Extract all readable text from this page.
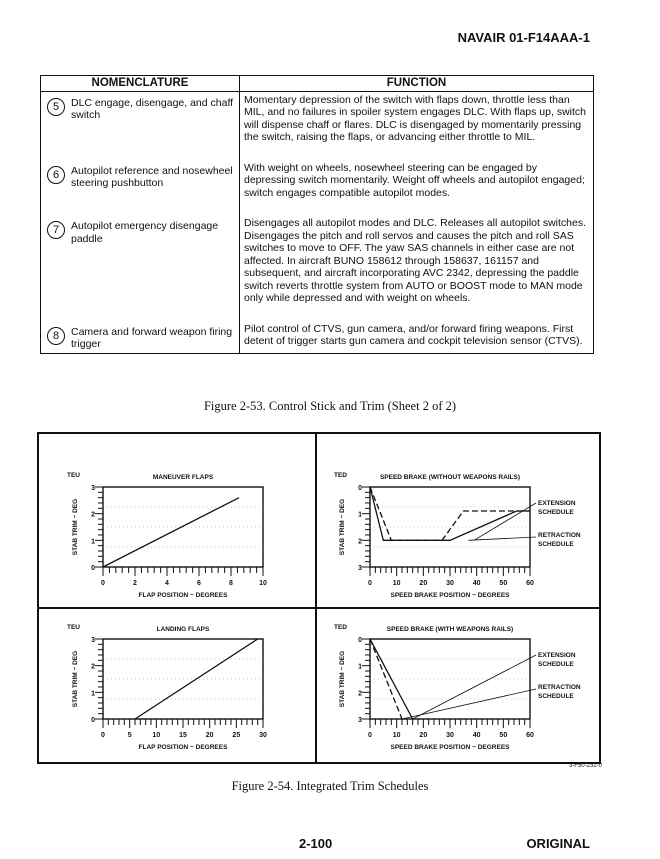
NAVAIR 01-F14AAA-1
NOMENCLATURE	FUNCTION

5 DLC engage, disengage, and chaff switch	Momentary depression of the switch with flaps down, throttle less than MIL, and no failures in spoiler system engages DLC. With flaps up, switch will dispense chaff or flares. DLC is disengaged by momentarily pressing the switch, raising the flaps, or advancing either throttle to MIL.

6 Autopilot reference and nosewheel steering pushbutton	With weight on wheels, nosewheel steering can be engaged by depressing switch momentarily. Weight off wheels and autopilot engaged; switch engages compatible autopilot modes.

7 Autopilot emergency disengage paddle	Disengages all autopilot modes and DLC. Releases all autopilot switches. Disengages the pitch and roll servos and causes the pitch and roll SAS switches to move to OFF. The yaw SAS channels in either case are not affected. In aircraft BUNO 158612 through 158637, 161157 and subsequent, and aircraft incorporating AVC 2342, depressing the paddle switch reverts throttle system from AUTO or BOOST mode to MAN mode only while depressed and with weight on wheels.

8 Camera and forward weapon firing trigger	Pilot control of CTVS, gun camera, and/or forward firing weapons. First detent of trigger starts gun camera and cockpit television sensor (CTVS).
Figure 2-53. Control Stick and Trim (Sheet 2 of 2)
MANEUVER FLAPS
TEU
STAB TRIM ~ DEG
FLAP POSITION ~ DEGREES
0	2	4	6	8	10
3
2
1
0
SPEED BRAKE (WITHOUT WEAPONS RAILS)
TED
STAB TRIM ~ DEG
SPEED BRAKE POSITION ~ DEGREES
0	10	20	30	40	50	60
0
1
2
3
EXTENSION
SCHEDULE
RETRACTION
SCHEDULE
LANDING FLAPS
TEU
STAB TRIM ~ DEG
FLAP POSITION ~ DEGREES
0	5	10	15	20	25	30
3
2
1
0
SPEED BRAKE (WITH WEAPONS RAILS)
TED
STAB TRIM ~ DEG
SPEED BRAKE POSITION ~ DEGREES
0	10	20	30	40	50	60
0
1
2
3
EXTENSION
SCHEDULE
RETRACTION
SCHEDULE
3-F50-232-0
Figure 2-54. Integrated Trim Schedules
2-100	ORIGINAL
